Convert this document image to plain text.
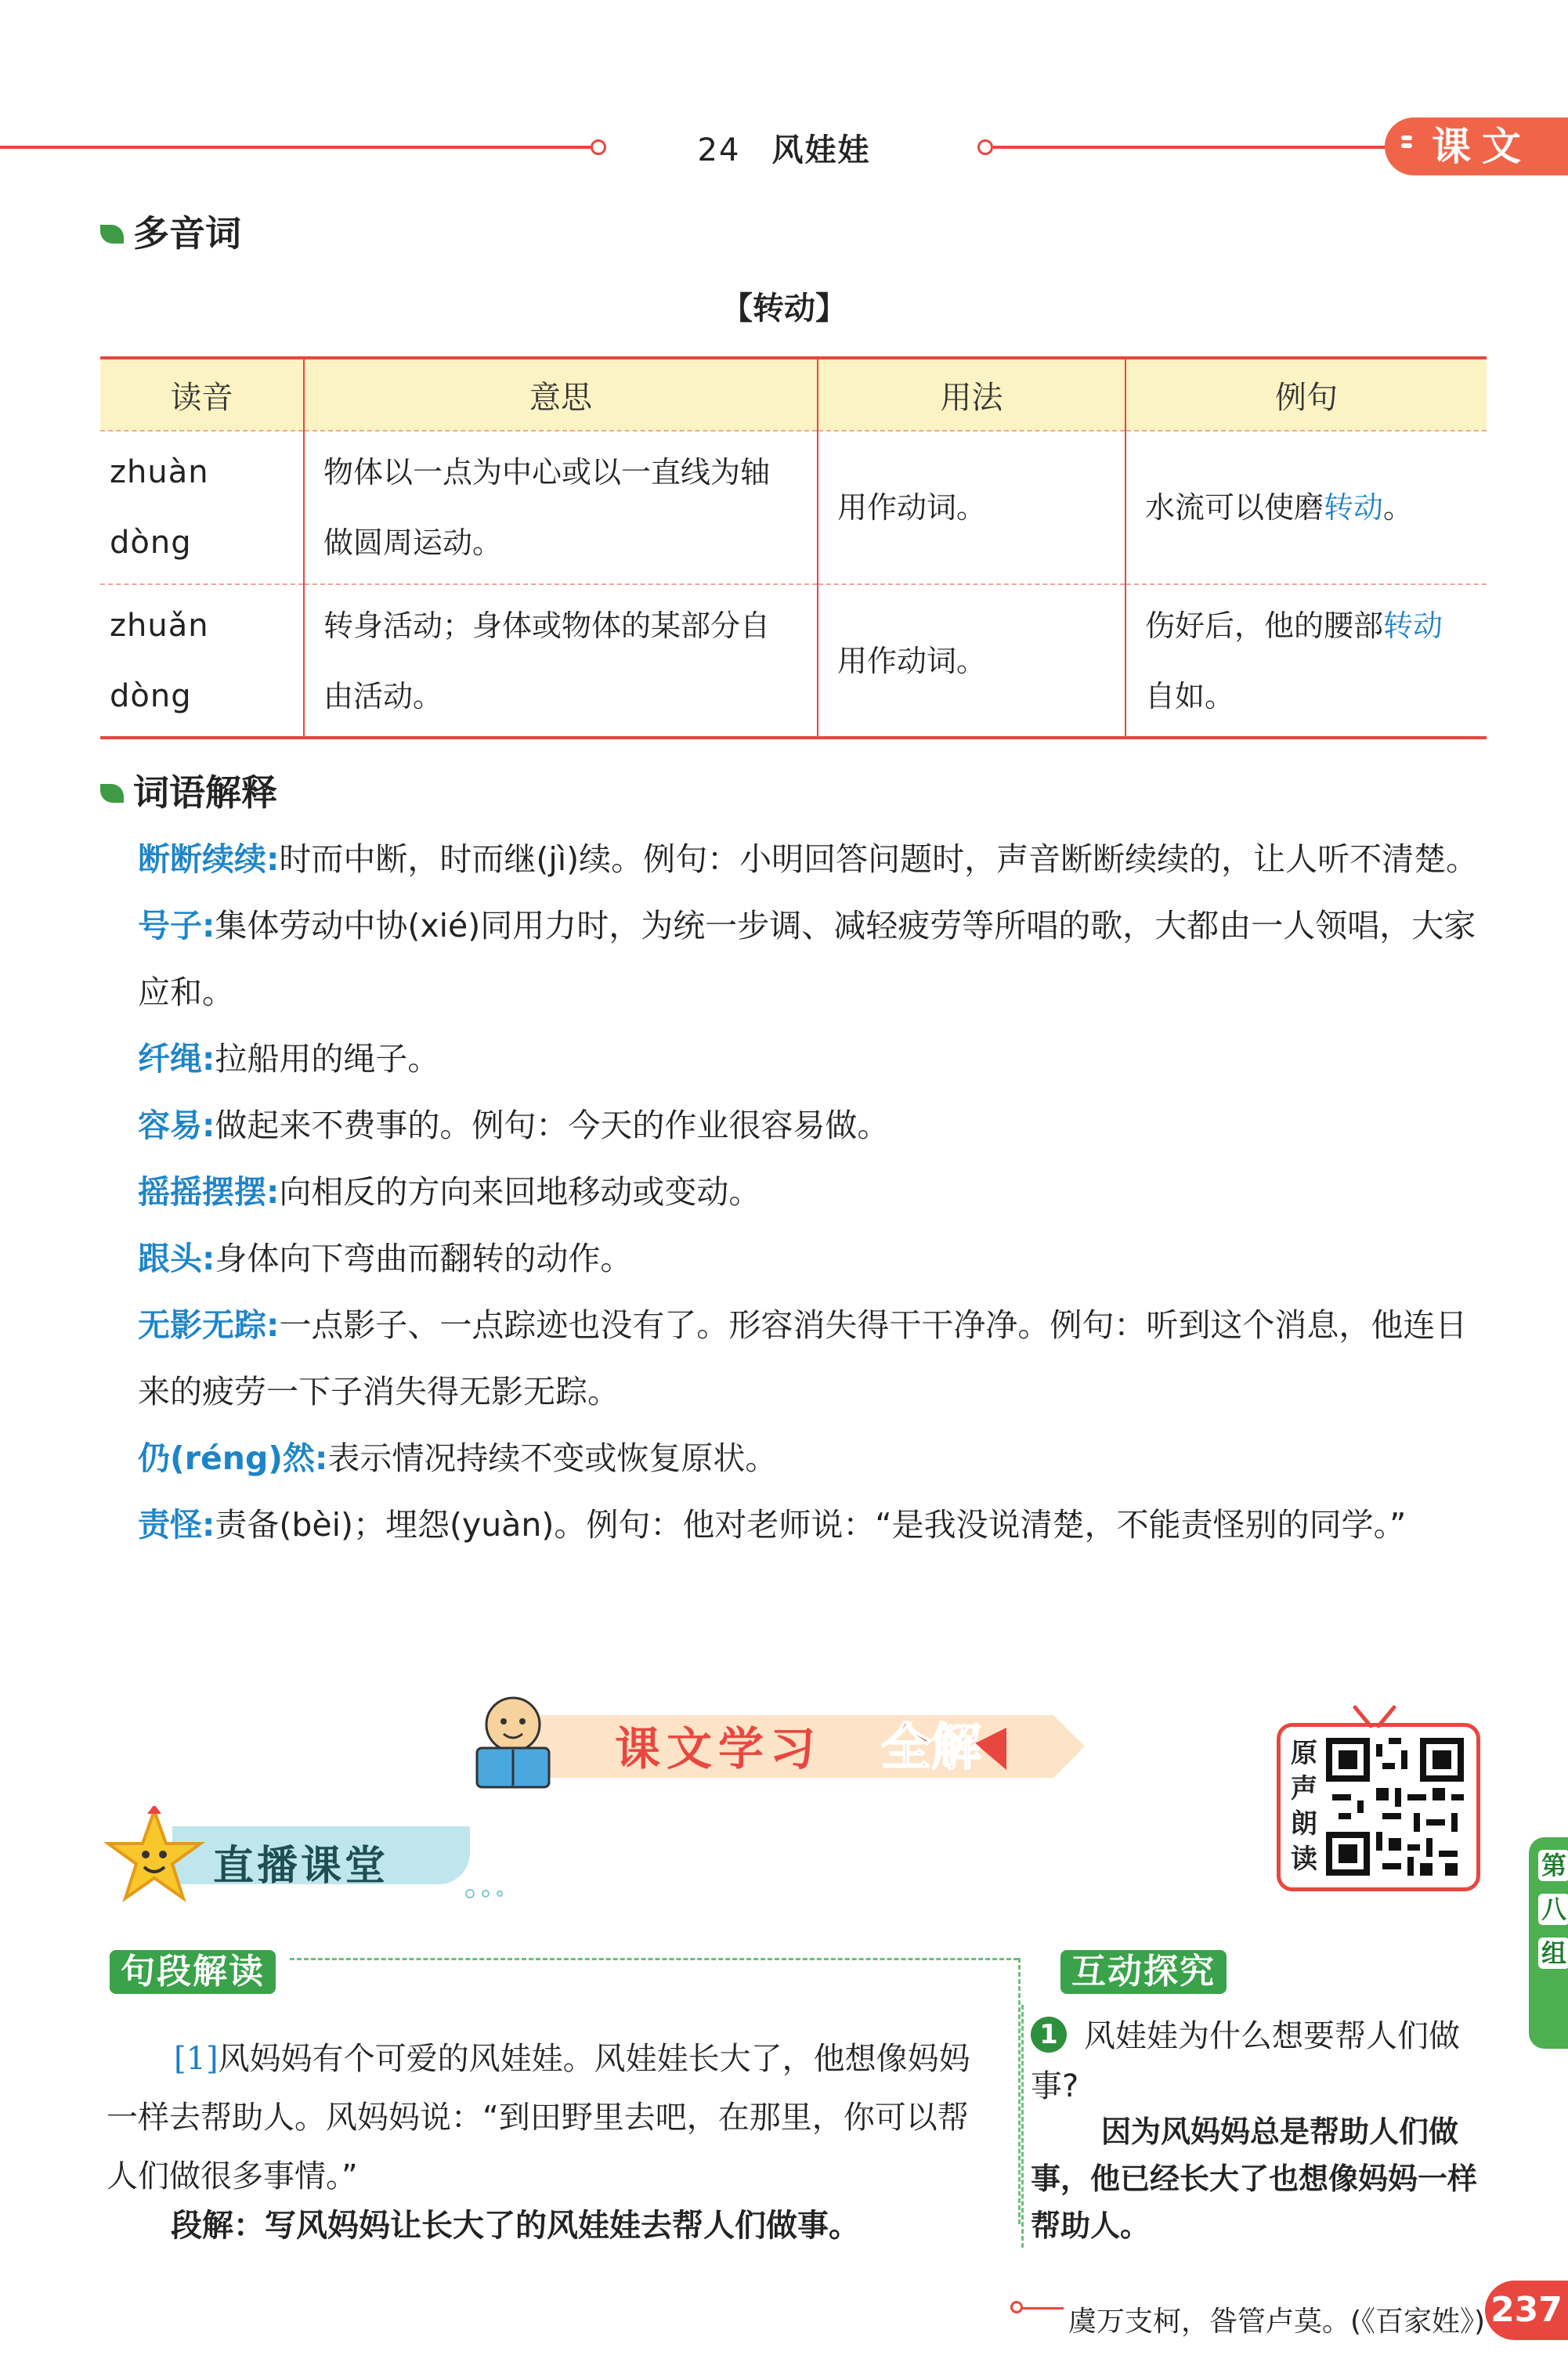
24 风娃娃	课文
多音词
【转动】
读音	意思	用法	例句
zhuàn dòng	物体以一点为中心或以一直线为轴做圆周运动。	用作动词。	水流可以使磨转动。
zhuǎn dòng	转身活动；身体或物体的某部分自由活动。	用作动词。	伤好后，他的腰部转动自如。
词语解释

断断续续:时而中断，时而继(jì)续。例句：小明回答问题时，声音断断续续的，让人听不清楚。

号子:集体劳动中协(xié)同用力时，为统一步调、减轻疲劳等所唱的歌，大都由一人领唱，大家应和。

纤绳:拉船用的绳子。

容易:做起来不费事的。例句：今天的作业很容易做。

摇摇摆摆:向相反的方向来回地移动或变动。

跟头:身体向下弯曲而翻转的动作。

无影无踪:一点影子、一点踪迹也没有了。形容消失得干干净净。例句：听到这个消息，他连日来的疲劳一下子消失得无影无踪。

仍(réng)然:表示情况持续不变或恢复原状。

责怪:责备(bèi)；埋怨(yuàn)。例句：他对老师说：“是我没说清楚，不能责怪别的同学。”

课文学习 全解	原声朗读	第
八
组
直播课堂
句段解读
[1]风妈妈有个可爱的风娃娃。风娃娃长大了，他想像妈妈一样去帮助人。风妈妈说：“到田野里去吧，在那里，你可以帮人们做很多事情。”
段解：写风妈妈让长大了的风娃娃去帮人们做事。
互动探究
1 风娃娃为什么想要帮人们做事?
因为风妈妈总是帮助人们做事，他已经长大了也想像妈妈一样帮助人。
虞万支柯，昝管卢莫。(《百家姓》) 237
